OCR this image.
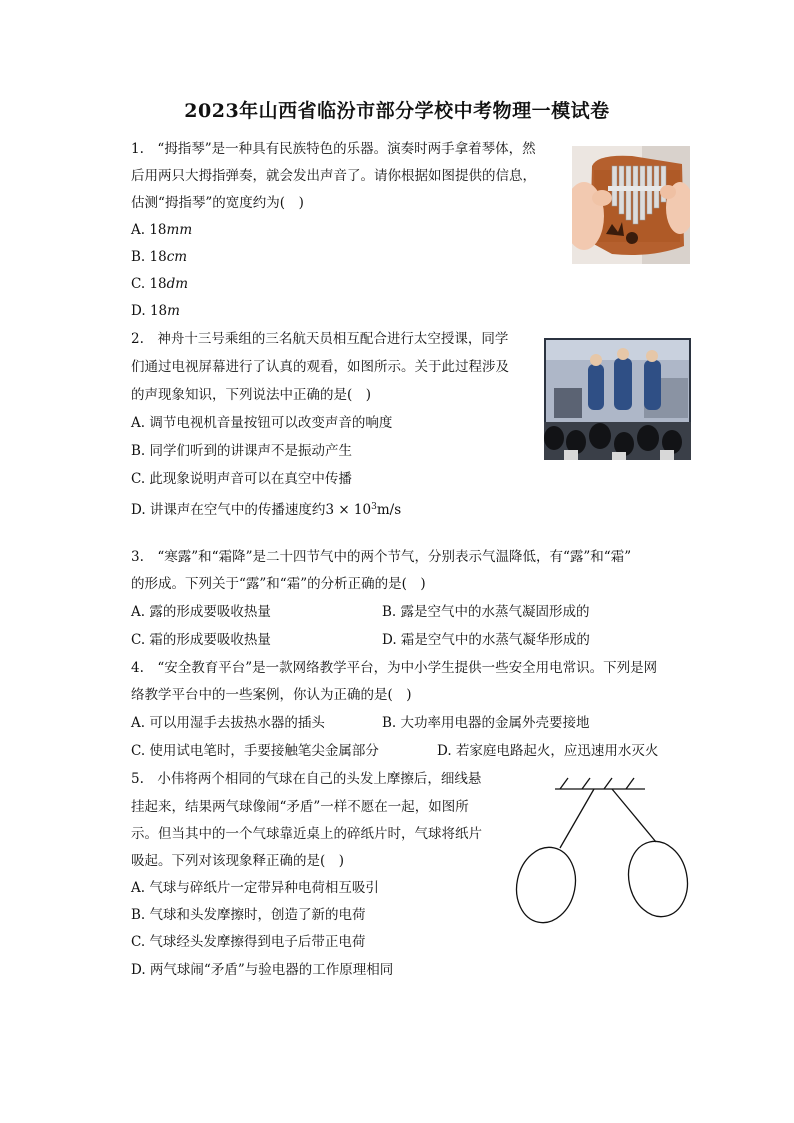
2023年山西省临汾市部分学校中考物理一模试卷
1.　“拇指琴”是一种具有民族特色的乐器。演奏时两手拿着琴体，然
后用两只大拇指弹奏，就会发出声音了。请你根据如图提供的信息，
估测“拇指琴”的宽度约为(　)
A. 18mm
B. 18cm
C. 18dm
D. 18m
2.　神舟十三号乘组的三名航天员相互配合进行太空授课，同学
们通过电视屏幕进行了认真的观看，如图所示。关于此过程涉及
的声现象知识，下列说法中正确的是(　)
A. 调节电视机音量按钮可以改变声音的响度
B. 同学们听到的讲课声不是振动产生
C. 此现象说明声音可以在真空中传播
D. 讲课声在空气中的传播速度约$3 \times 10^3m/s$
3.　“寒露”和“霜降”是二十四节气中的两个节气，分别表示气温降低，有“露”和“霜”
的形成。下列关于“露”和“霜”的分析正确的是(　)
A. 露的形成要吸收热量	B. 露是空气中的水蒸气凝固形成的
C. 霜的形成要吸收热量	D. 霜是空气中的水蒸气凝华形成的
4.　“安全教育平台”是一款网络教学平台，为中小学生提供一些安全用电常识。下列是网
络教学平台中的一些案例，你认为正确的是(　)
A. 可以用湿手去拔热水器的插头	B. 大功率用电器的金属外壳要接地
C. 使用试电笔时，手要接触笔尖金属部分	D. 若家庭电路起火，应迅速用水灭火
5.　小伟将两个相同的气球在自己的头发上摩擦后，细线悬
挂起来，结果两气球像闹“矛盾”一样不愿在一起，如图所
示。但当其中的一个气球靠近桌上的碎纸片时，气球将纸片
吸起。下列对该现象释正确的是(　)
A. 气球与碎纸片一定带异种电荷相互吸引
B. 气球和头发摩擦时，创造了新的电荷
C. 气球经头发摩擦得到电子后带正电荷
D. 两气球闹“矛盾”与验电器的工作原理相同
